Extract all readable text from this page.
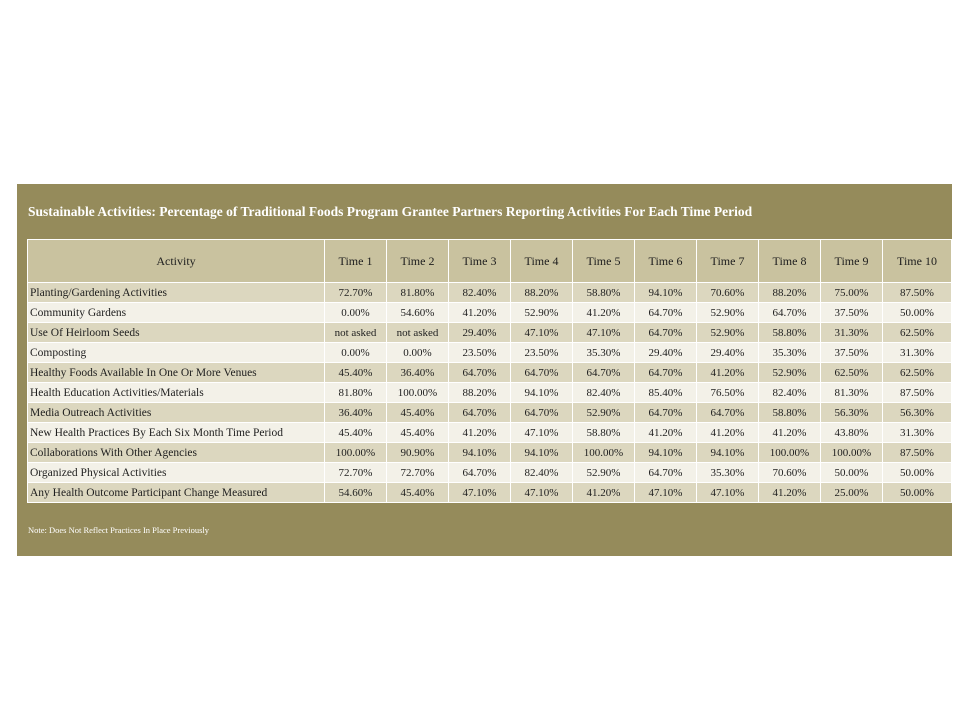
Sustainable Activities: Percentage of Traditional Foods Program Grantee Partners Reporting Activities For Each Time Period
Activity	Time 1	Time 2	Time 3	Time 4	Time 5	Time 6	Time 7	Time 8	Time 9	Time 10
Planting/Gardening Activities	72.70%	81.80%	82.40%	88.20%	58.80%	94.10%	70.60%	88.20%	75.00%	87.50%
Community Gardens	0.00%	54.60%	41.20%	52.90%	41.20%	64.70%	52.90%	64.70%	37.50%	50.00%
Use Of Heirloom Seeds	not asked	not asked	29.40%	47.10%	47.10%	64.70%	52.90%	58.80%	31.30%	62.50%
Composting	0.00%	0.00%	23.50%	23.50%	35.30%	29.40%	29.40%	35.30%	37.50%	31.30%
Healthy Foods Available In One Or More Venues	45.40%	36.40%	64.70%	64.70%	64.70%	64.70%	41.20%	52.90%	62.50%	62.50%
Health Education Activities/Materials	81.80%	100.00%	88.20%	94.10%	82.40%	85.40%	76.50%	82.40%	81.30%	87.50%
Media Outreach Activities	36.40%	45.40%	64.70%	64.70%	52.90%	64.70%	64.70%	58.80%	56.30%	56.30%
New Health Practices By Each Six Month Time Period	45.40%	45.40%	41.20%	47.10%	58.80%	41.20%	41.20%	41.20%	43.80%	31.30%
Collaborations With Other Agencies	100.00%	90.90%	94.10%	94.10%	100.00%	94.10%	94.10%	100.00%	100.00%	87.50%
Organized Physical Activities	72.70%	72.70%	64.70%	82.40%	52.90%	64.70%	35.30%	70.60%	50.00%	50.00%
Any Health Outcome Participant Change Measured	54.60%	45.40%	47.10%	47.10%	41.20%	47.10%	47.10%	41.20%	25.00%	50.00%
Note: Does Not Reflect Practices In Place Previously
